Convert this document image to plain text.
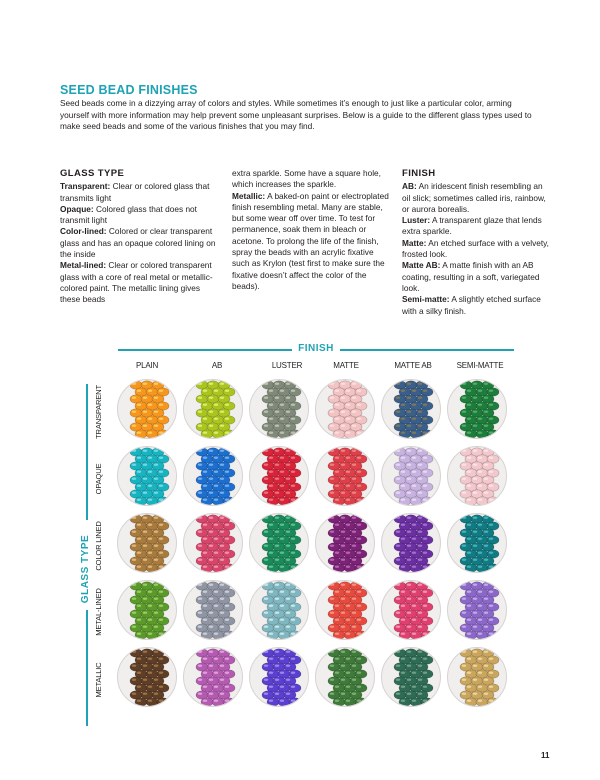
SEED BEAD FINISHES
Seed beads come in a dizzying array of colors and styles. While sometimes it’s enough to just like a particular color, arming yourself with more information may help prevent some unpleasant surprises. Below is a guide to the different glass types used to make seed beads and some of the various finishes that you may find.
GLASS TYPE
Transparent: Clear or colored glass that transmits light
Opaque: Colored glass that does not transmit light
Color-lined: Colored or clear transparent glass and has an opaque colored lining on the inside
Metal-lined: Clear or colored transparent glass with a core of real metal or metallic-colored paint. The metallic lining gives these beads
extra sparkle. Some have a square hole, which increases the sparkle.
Metallic: A baked-on paint or electroplated finish resembling metal. Many are stable, but some wear off over time. To test for permanence, soak them in bleach or acetone. To prolong the life of the finish, spray the beads with an acrylic fixative such as Krylon (test first to make sure the fixative doesn’t affect the color of the beads).
FINISH
AB: An iridescent finish resembling an oil slick; sometimes called iris, rainbow, or aurora borealis.
Luster: A transparent glaze that lends extra sparkle.
Matte: An etched surface with a velvety, frosted look.
Matte AB: A matte finish with an AB coating, resulting in a soft, variegated look.
Semi-matte: A slightly etched surface with a silky finish.
FINISH
PLAIN	AB	LUSTER	MATTE	MATTE AB	SEMI-MATTE
GLASS TYPE
TRANSPARENT
OPAQUE
COLOR LINED
METAL-LINED
METALLIC
11
